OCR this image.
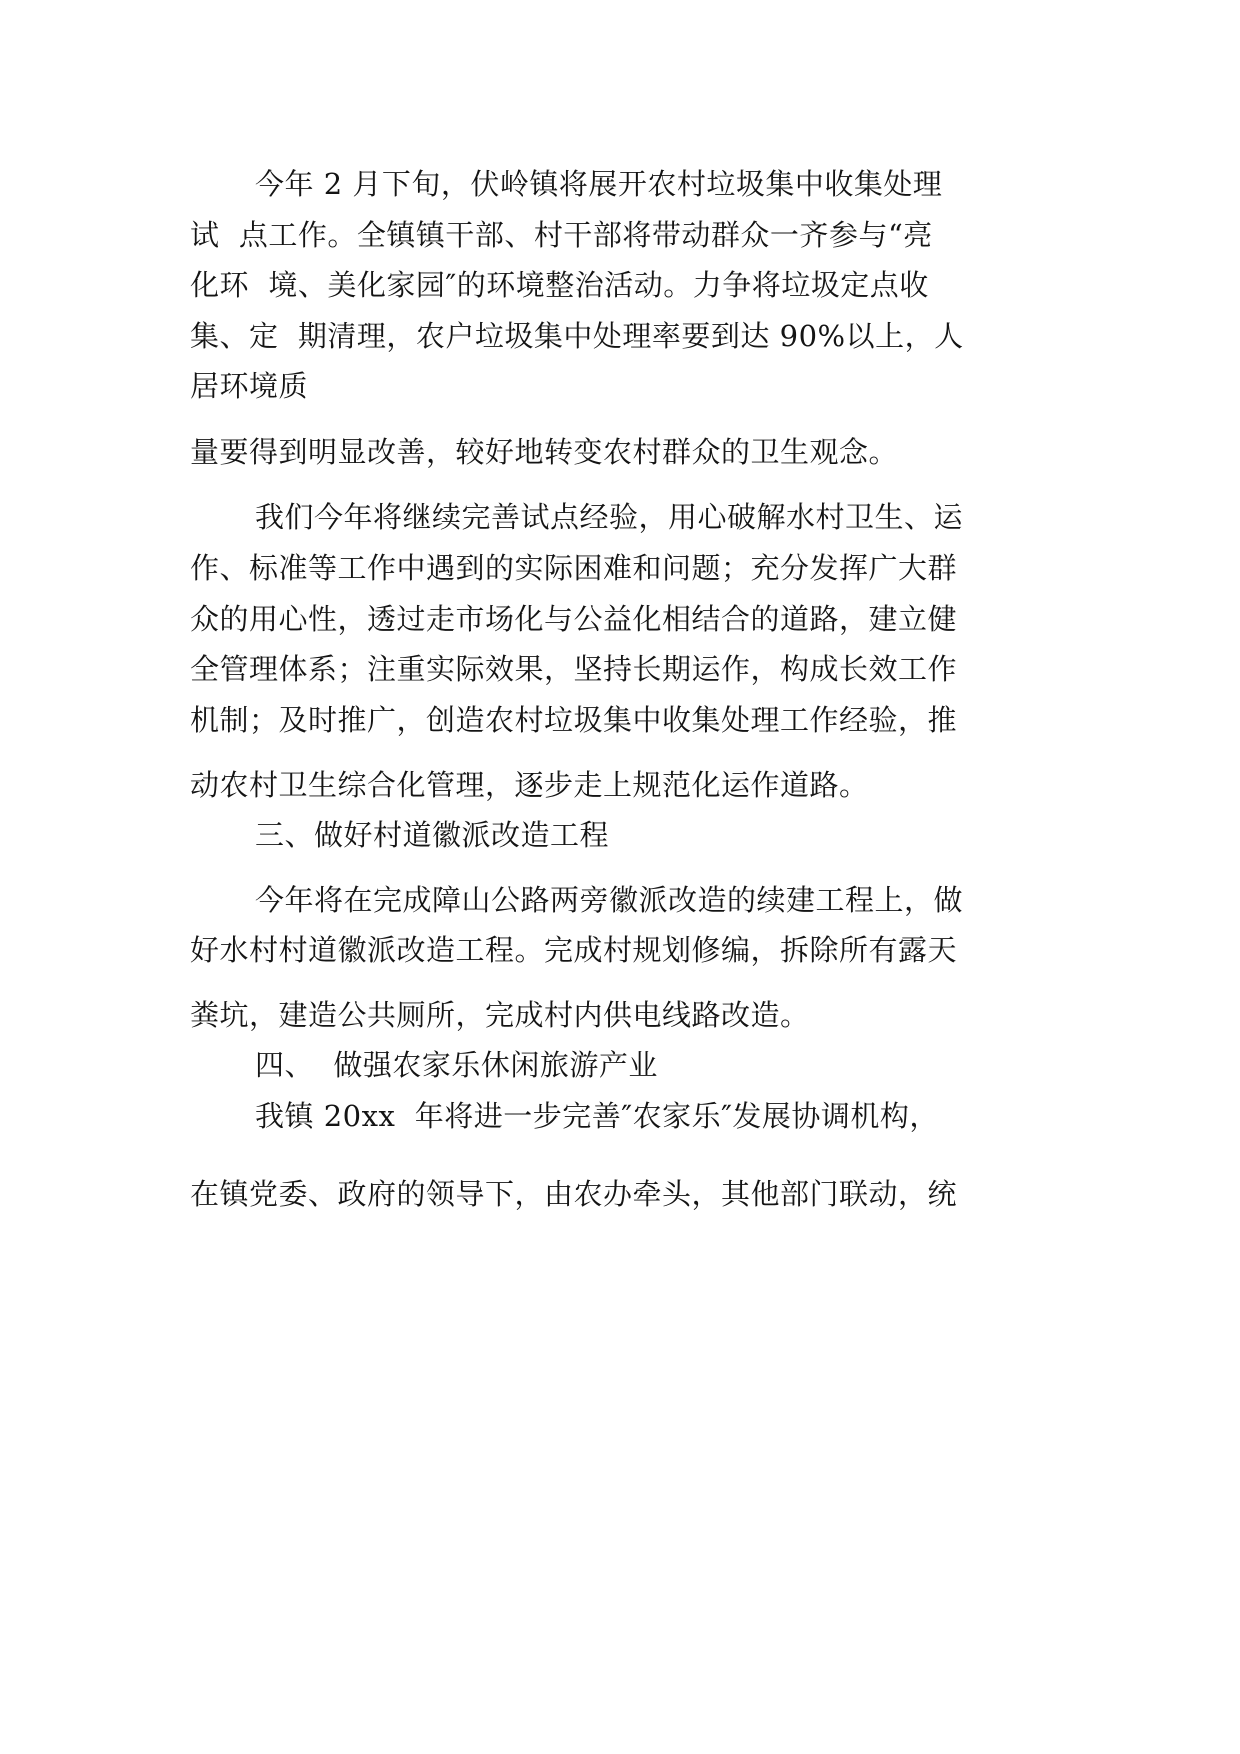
今年 2 月下旬，伏岭镇将展开农村垃圾集中收集处理
试  点工作。全镇镇干部、村干部将带动群众一齐参与“亮
化环  境、美化家园″的环境整治活动。力争将垃圾定点收
集、定  期清理，农户垃圾集中处理率要到达 90%以上，人
居环境质
量要得到明显改善，较好地转变农村群众的卫生观念。
我们今年将继续完善试点经验，用心破解水村卫生、运
作、标准等工作中遇到的实际困难和问题；充分发挥广大群
众的用心性，透过走市场化与公益化相结合的道路，建立健
全管理体系；注重实际效果，坚持长期运作，构成长效工作
机制；及时推广，创造农村垃圾集中收集处理工作经验，推
动农村卫生综合化管理，逐步走上规范化运作道路。
三、做好村道徽派改造工程
今年将在完成障山公路两旁徽派改造的续建工程上，做
好水村村道徽派改造工程。完成村规划修编，拆除所有露天
粪坑，建造公共厕所，完成村内供电线路改造。
四、  做强农家乐休闲旅游产业
我镇 20xx  年将进一步完善″农家乐″发展协调机构，
在镇党委、政府的领导下，由农办牵头，其他部门联动，统
